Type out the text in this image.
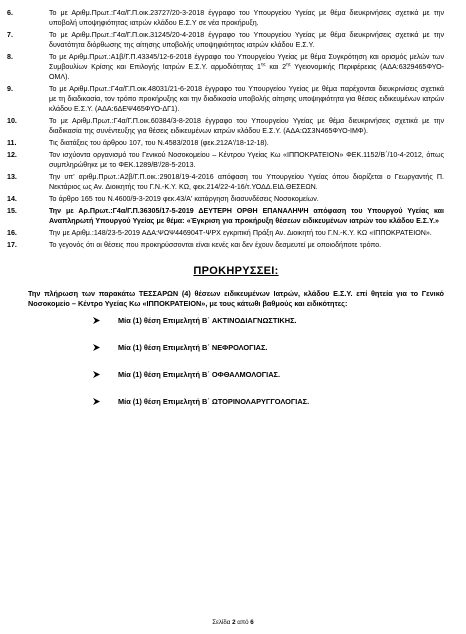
6.	Το με Αριθμ.Πρωτ.:Γ4α/Γ.Π.οικ.23727/20-3-2018 έγγραφο του Υπουργείου Υγείας με θέμα διευκρινήσεις σχετικά με την υποβολή υποψηφιότητας ιατρών κλάδου Ε.Σ.Υ σε νέα προκήρυξη.

7.	Το με Αριθμ.Πρωτ.:Γ4α/Γ.Π.οικ.31245/20-4-2018 έγγραφο του Υπουργείου Υγείας με θέμα διευκρινήσεις σχετικά με την δυνατότητα διόρθωσης της αίτησης υποβολής υποψηφιότητας ιατρών κλάδου Ε.Σ.Υ.

8.	Το με Αριθμ.Πρωτ.:Α1β/Γ.Π.43345/12-6-2018 έγγραφο του Υπουργείου Υγείας με θέμα Συγκρότηση και ορισμός μελών των Συμβουλίων Κρίσης και Επιλογής Ιατρών Ε.Σ.Υ. αρμοδιότητας $1^{\eta\varsigma}$ και $2^{\eta\varsigma}$ Υγειονομικής Περιφέρειας (ΑΔΑ:6329465ΦΥΟ-ΟΜΛ).

9.	Το με Αριθμ.Πρωτ.:Γ4α/Γ.Π.οικ.48031/21-6-2018 έγγραφο του Υπουργείου Υγείας με θέμα παρέχονται διευκρινίσεις σχετικά με τη διαδικασία, τον τρόπο προκήρυξης και την διαδικασία υποβολής αίτησης υποψηφιότητα για θέσεις ειδικευμένων ιατρών κλάδου Ε.Σ.Υ. (ΑΔΑ:6ΔΕΨ465ΦΥΟ-ΔΓ1).

10.	Το με Αριθμ.Πρωτ.:Γ4α/Γ.Π.οικ.60384/3-8-2018 έγγραφο του Υπουργείου Υγείας με θέμα διευκρινήσεις σχετικά με την διαδικασία της συνέντευξης για θέσεις ειδικευμένων ιατρών κλάδου Ε.Σ.Υ. (ΑΔΑ:ΩΣ3Ν465ΦΥΟ-ΙΜΦ).

11.	Τις διατάξεις του άρθρου 107, του Ν.4583/2018 (φεκ.212Α'/18-12-18).

12.	Τον ισχύοντα οργανισμό του Γενικού Νοσοκομείου – Κέντρου Υγείας Κω «ΙΠΠΟΚΡΑΤΕΙΟΝ» ΦΕΚ.1152/Β΄/10-4-2012, όπως συμπληρώθηκε με το ΦΕΚ.1289/Β'/28-5-2013.

13.	Την υπ' αριθμ.Πρωτ.:Α2β/Γ.Π.οικ.:29018/19-4-2016 απόφαση του Υπουργείου Υγείας όπου διορίζεται ο Γεωργαντής Π. Νεκτάριος ως Αν. Διοικητής του Γ.Ν.-Κ.Υ. ΚΩ, φεκ.214/22-4-16/τ.ΥΟΔΔ.ΕΙΔ.ΘΕΣΕΩΝ.

14.	Το άρθρο 165 του Ν.4600/9-3-2019 φεκ.43/Α' κατάργηση διασυνδέσεις Νοσοκομείων.

15.	Την με Αρ.Πρωτ.:Γ4α/Γ.Π.36305/17-5-2019 ΔΕΥΤΕΡΗ ΟΡΘΗ ΕΠΑΝΑΛΗΨΗ απόφαση του Υπουργού Υγείας και Αναπληρωτή Υπουργού Υγείας με θέμα: «Έγκριση για προκήρυξη θέσεων ειδικευμένων ιατρών του κλάδου Ε.Σ.Υ.»

16.	Την με Αριθμ.:148/23-5-2019 ΑΔΑ:ΨΩΨ446904Τ-ΨΡΧ εγκριτική Πράξη Αν. Διοικητή του Γ.Ν.-Κ.Υ. ΚΩ «ΙΠΠΟΚΡΑΤΕΙΟΝ».

17.	Το γεγονός ότι οι θέσεις που προκηρύσσονται είναι κενές και δεν έχουν δεσμευτεί με οποιοδήποτε τρόπο.

ΠΡΟΚΗΡΥΣΣΕΙ:

Την πλήρωση των παρακάτω ΤΕΣΣΑΡΩΝ (4) θέσεων ειδικευμένων Ιατρών, κλάδου Ε.Σ.Υ. επί θητεία για το Γενικό Νοσοκομείο – Κέντρο Υγείας Κω «ΙΠΠΟΚΡΑΤΕΙΟΝ», με τους κάτωθι βαθμούς και ειδικότητες:

Μία (1) θέση Επιμελητή Β΄
ΑΚΤΙΝΟΔΙΑΓΝΩΣΤΙΚΗΣ.
Μία (1) θέση Επιμελητή Β΄
ΝΕΦΡΟΛΟΓΙΑΣ.
Μία (1) θέση Επιμελητή Β΄
ΟΦΘΑΛΜΟΛΟΓΙΑΣ.
Μία (1) θέση Επιμελητή Β΄
ΩΤΟΡΙΝΟΛΑΡΥΓΓΟΛΟΓΙΑΣ.
Σελίδα 2 από 6
